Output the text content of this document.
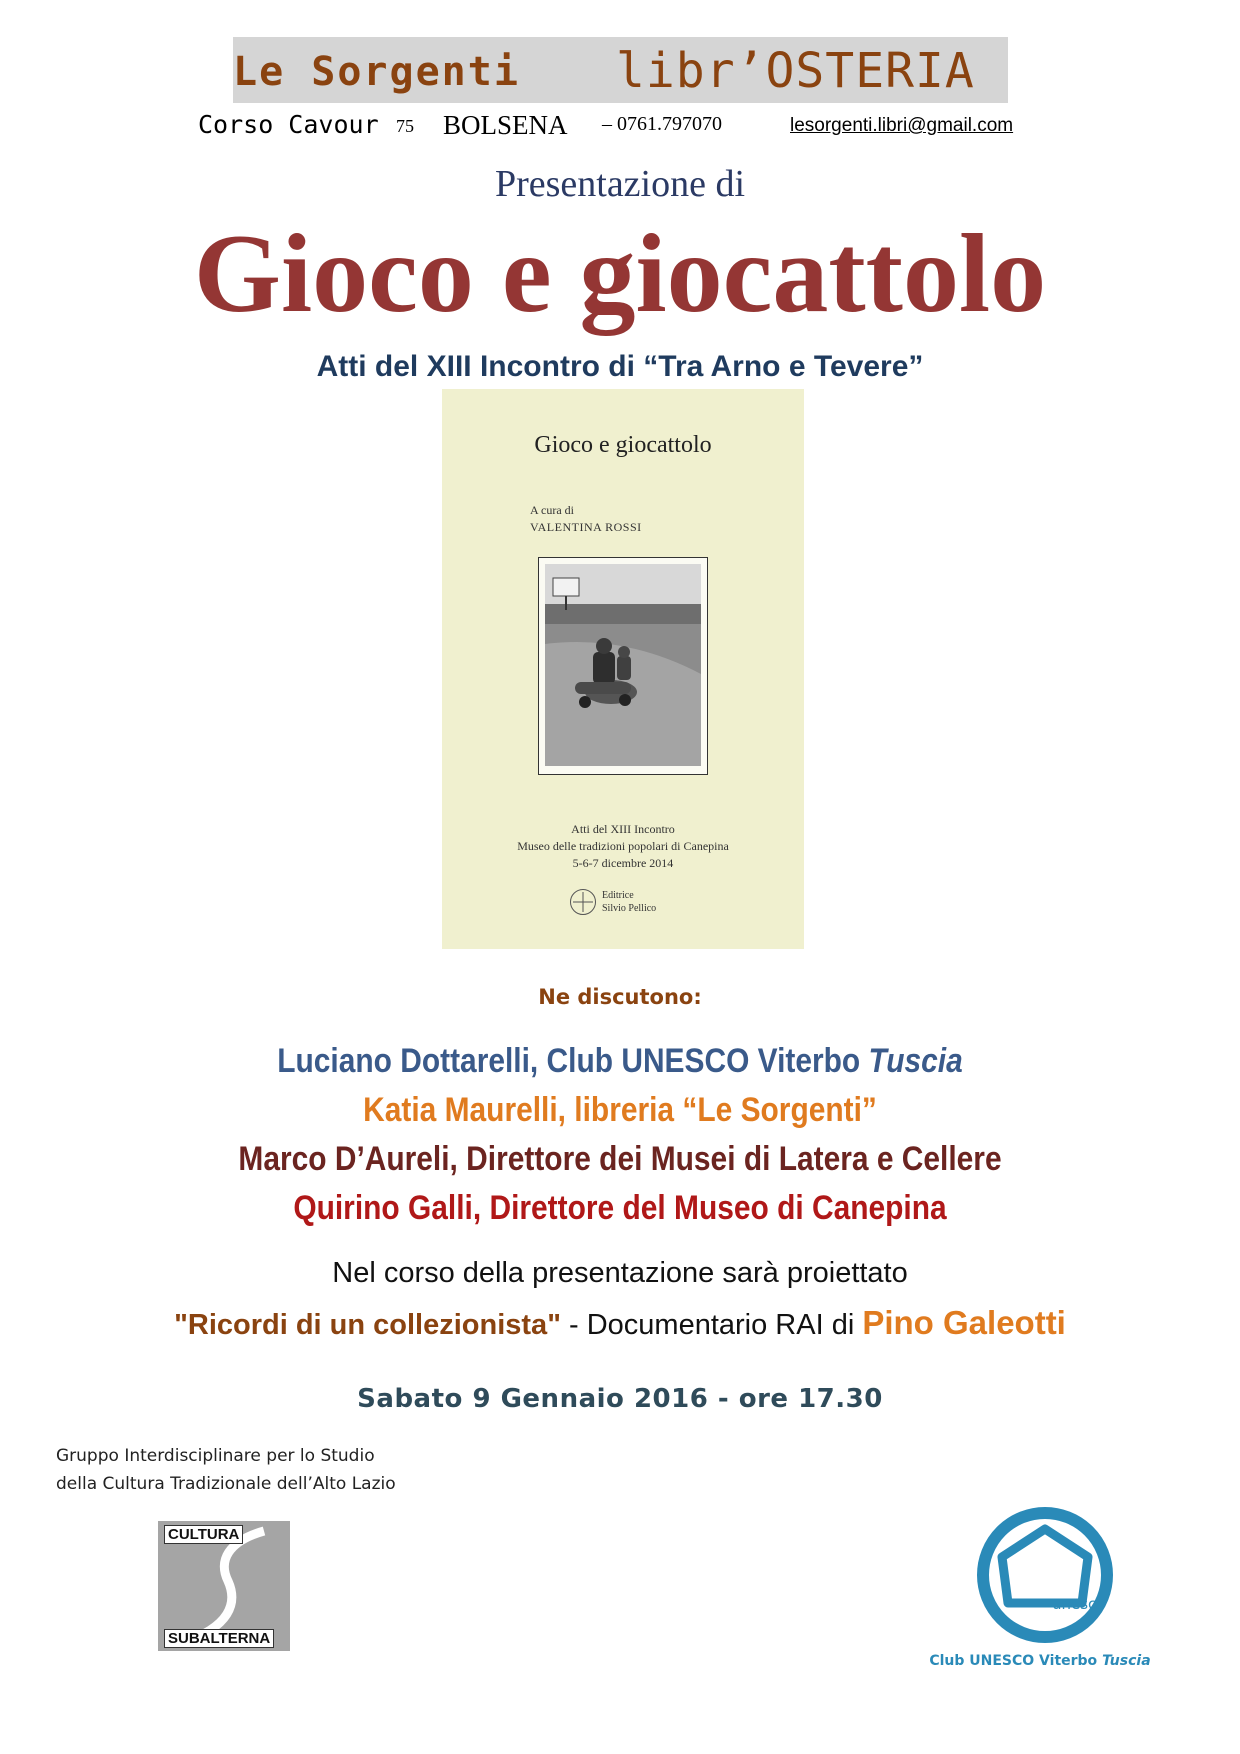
Le Sorgenti libr’OSTERIA
Corso Cavour 75 BOLSENA – 0761.797070	lesorgenti.libri@gmail.com
Presentazione di
Gioco e giocattolo
Atti del XIII Incontro di “Tra Arno e Tevere”
Gioco e giocattolo
A cura di
VALENTINA ROSSI
Atti del XIII Incontro
Museo delle tradizioni popolari di Canepina
5-6-7 dicembre 2014
Editrice
Silvio Pellico
Ne discutono:
Luciano Dottarelli, Club UNESCO Viterbo Tuscia
Katia Maurelli, libreria “Le Sorgenti”
Marco D’Aureli, Direttore dei Musei di Latera e Cellere
Quirino Galli, Direttore del Museo di Canepina
Nel corso della presentazione sarà proiettato
"Ricordi di un collezionista" - Documentario RAI di Pino Galeotti
Sabato 9 Gennaio 2016 - ore 17.30
Gruppo Interdisciplinare per lo Studio
della Cultura Tradizionale dell’Alto Lazio
CULTURA
SUBALTERNA
unesco
Club UNESCO Viterbo Tuscia
